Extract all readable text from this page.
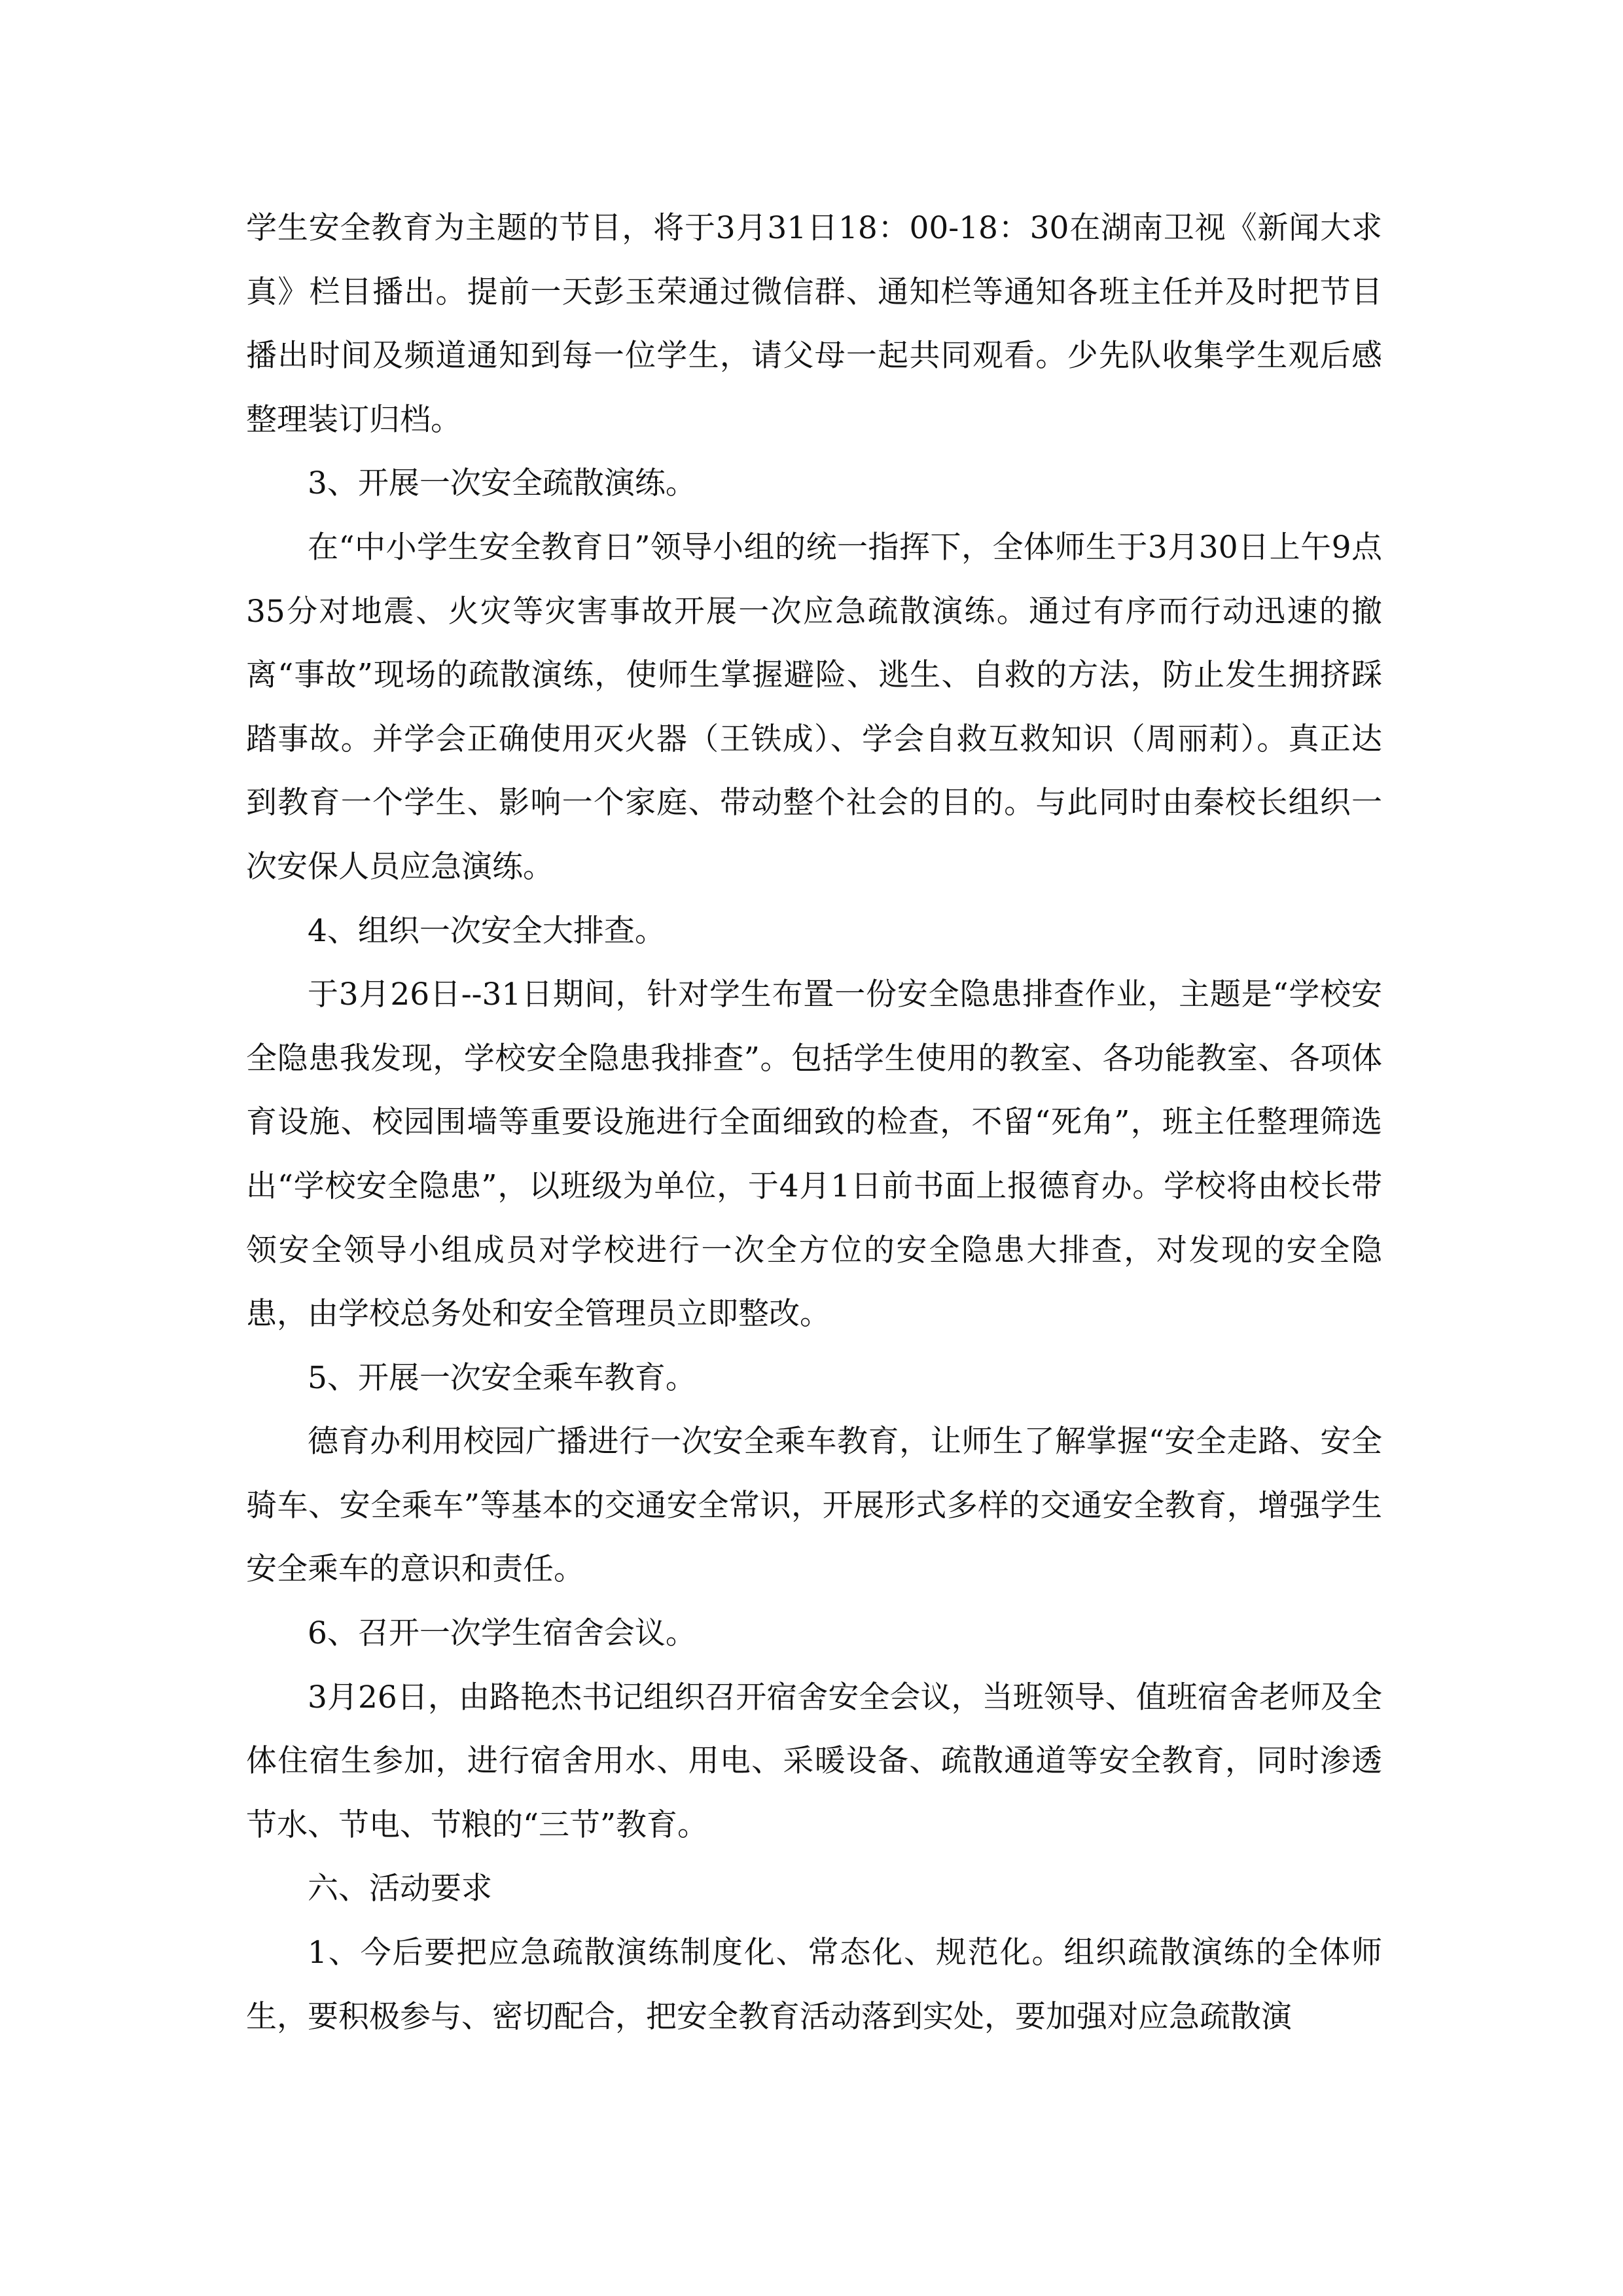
学生安全教育为主题的节目，将于3月31日18：00-18：30在湖南卫视《新闻大求真》栏目播出。提前一天彭玉荣通过微信群、通知栏等通知各班主任并及时把节目播出时间及频道通知到每一位学生，请父母一起共同观看。少先队收集学生观后感整理装订归档。

3、开展一次安全疏散演练。

在“中小学生安全教育日”领导小组的统一指挥下，全体师生于3月30日上午9点35分对地震、火灾等灾害事故开展一次应急疏散演练。通过有序而行动迅速的撤离“事故”现场的疏散演练，使师生掌握避险、逃生、自救的方法，防止发生拥挤踩踏事故。并学会正确使用灭火器（王铁成）、学会自救互救知识（周丽莉）。真正达到教育一个学生、影响一个家庭、带动整个社会的目的。与此同时由秦校长组织一次安保人员应急演练。

4、组织一次安全大排查。

于3月26日--31日期间，针对学生布置一份安全隐患排查作业，主题是“学校安全隐患我发现，学校安全隐患我排查”。包括学生使用的教室、各功能教室、各项体育设施、校园围墙等重要设施进行全面细致的检查，不留“死角”，班主任整理筛选出“学校安全隐患”，以班级为单位，于4月1日前书面上报德育办。学校将由校长带领安全领导小组成员对学校进行一次全方位的安全隐患大排查，对发现的安全隐患，由学校总务处和安全管理员立即整改。

5、开展一次安全乘车教育。

德育办利用校园广播进行一次安全乘车教育，让师生了解掌握“安全走路、安全骑车、安全乘车”等基本的交通安全常识，开展形式多样的交通安全教育，增强学生安全乘车的意识和责任。

6、召开一次学生宿舍会议。

3月26日，由路艳杰书记组织召开宿舍安全会议，当班领导、值班宿舍老师及全体住宿生参加，进行宿舍用水、用电、采暖设备、疏散通道等安全教育，同时渗透节水、节电、节粮的“三节”教育。

六、活动要求

1、今后要把应急疏散演练制度化、常态化、规范化。组织疏散演练的全体师生，要积极参与、密切配合，把安全教育活动落到实处，要加强对应急疏散演
